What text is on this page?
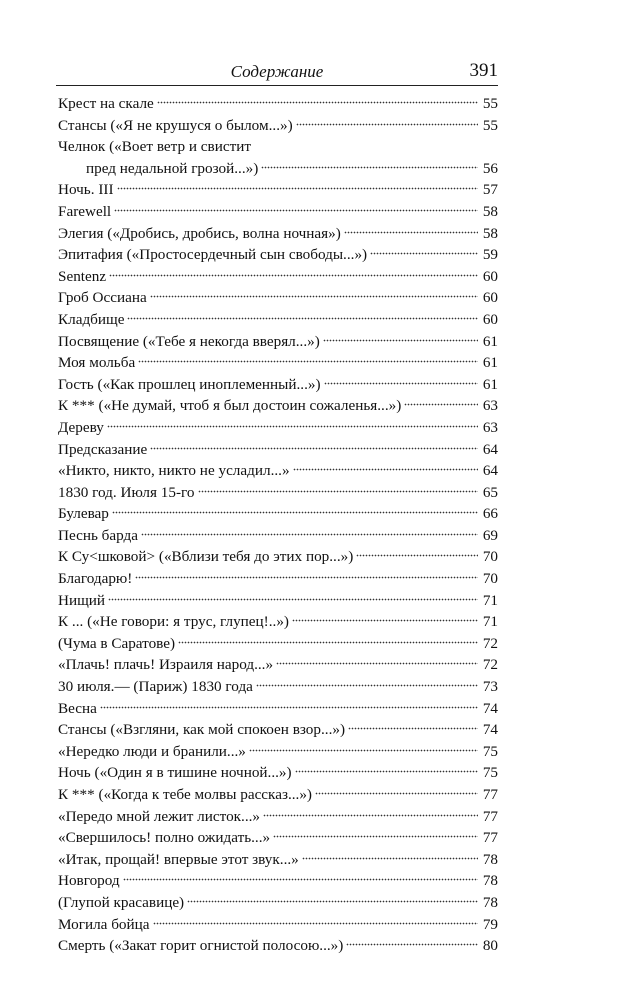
Содержание	391
Крест на скале	55
Стансы («Я не крушуся о былом...»)	55
Челнок («Воет ветр и свистит
пред недальной грозой...»)	56
Ночь. III	57
Farewell	58
Элегия («Дробись, дробись, волна ночная»)	58
Эпитафия («Простосердечный сын свободы...»)	59
Sentenz	60
Гроб Оссиана	60
Кладбище	60
Посвящение («Тебе я некогда вверял...»)	61
Моя мольба	61
Гость («Как прошлец иноплеменный...»)	61
К *** («Не думай, чтоб я был достоин сожаленья...»)	63
Дереву	63
Предсказание	64
«Никто, никто, никто не усладил...»	64
1830 год. Июля 15-го	65
Булевар	66
Песнь барда	69
К Су<шковой> («Вблизи тебя до этих пор...»)	70
Благодарю!	70
Нищий	71
К ... («Не говори: я трус, глупец!..»)	71
(Чума в Саратове)	72
«Плачь! плачь! Израиля народ...»	72
30 июля.— (Париж) 1830 года	73
Весна	74
Стансы («Взгляни, как мой спокоен взор...»)	74
«Нередко люди и бранили...»	75
Ночь («Один я в тишине ночной...»)	75
К *** («Когда к тебе молвы рассказ...»)	77
«Передо мной лежит листок...»	77
«Свершилось! полно ожидать...»	77
«Итак, прощай! впервые этот звук...»	78
Новгород	78
(Глупой красавице)	78
Могила бойца	79
Смерть («Закат горит огнистой полосою...»)	80
